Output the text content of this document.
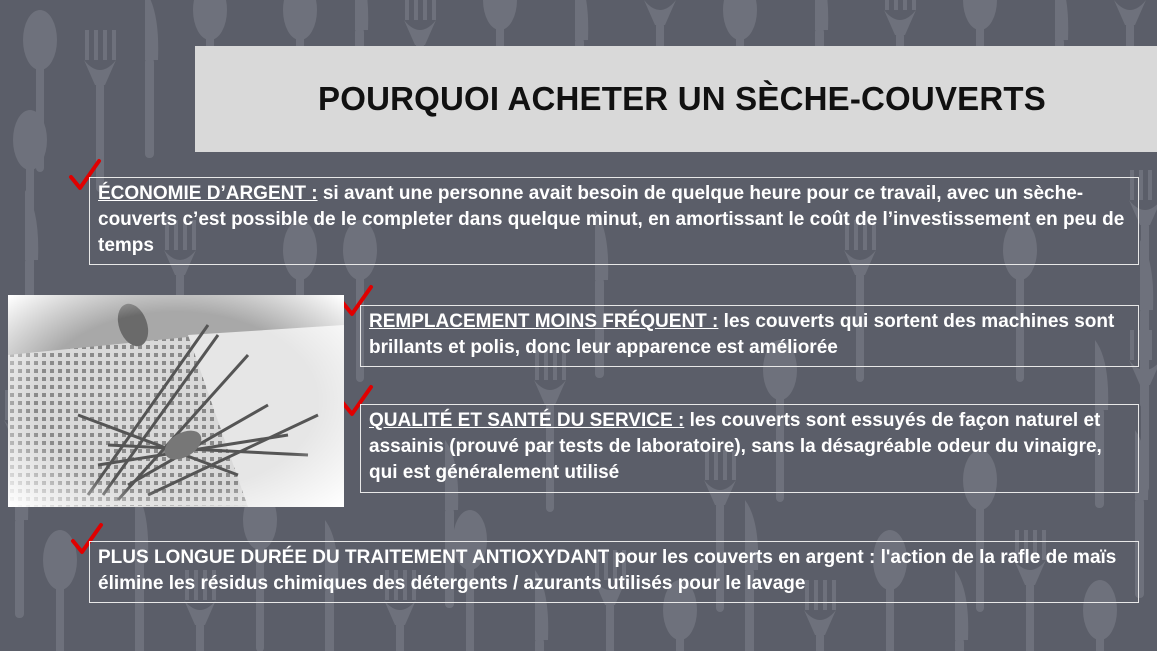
POURQUOI ACHETER UN SÈCHE-COUVERTS
ÉCONOMIE D’ARGENT : si avant une personne avait besoin de quelque heure pour ce travail, avec un sèche-couverts c’est possible de le completer dans quelque minut, en amortissant le coût de l’investissement en peu de temps
REMPLACEMENT MOINS FRÉQUENT : les couverts qui sortent des machines sont brillants et polis, donc leur apparence est améliorée
QUALITÉ ET SANTÉ DU SERVICE : les couverts sont essuyés de façon naturel et assainis (prouvé par tests de laboratoire), sans la désagréable odeur du vinaigre, qui est généralement utilisé
PLUS LONGUE DURÉE DU TRAITEMENT ANTIOXYDANT pour les couverts en argent : l'action de la rafle de maïs élimine les résidus chimiques des détergents / azurants utilisés pour le lavage
